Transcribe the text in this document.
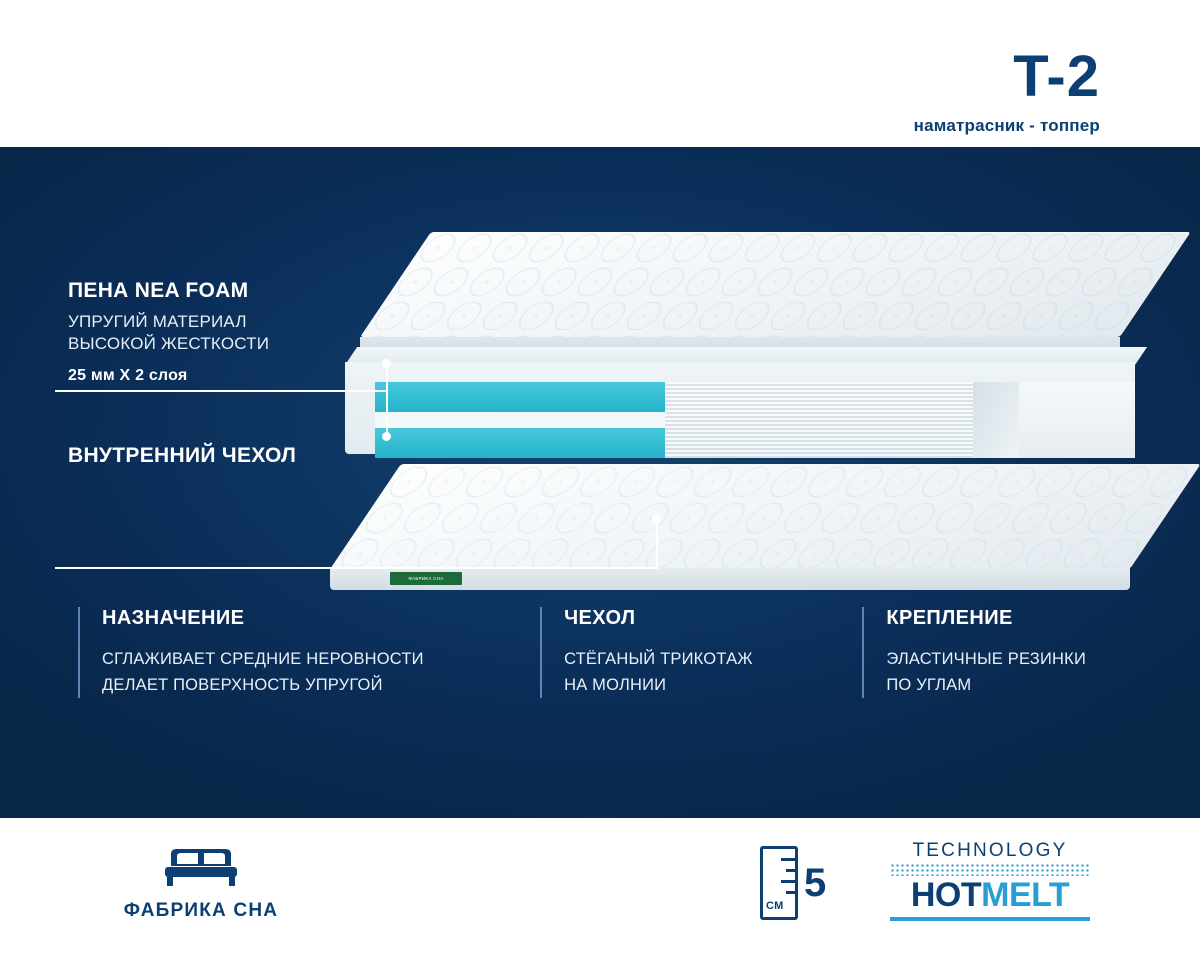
T-2
наматрасник - топпер
ФАБРИКА СНА
ПЕНА NEA FOAM
УПРУГИЙ МАТЕРИАЛ
ВЫСОКОЙ ЖЕСТКОСТИ
25 мм X 2 слоя
ВНУТРЕННИЙ ЧЕХОЛ
НАЗНАЧЕНИЕ

СГЛАЖИВАЕТ СРЕДНИЕ НЕРОВНОСТИ

ДЕЛАЕТ ПОВЕРХНОСТЬ УПРУГОЙ

ЧЕХОЛ

СТЁГАНЫЙ ТРИКОТАЖ

НА МОЛНИИ

КРЕПЛЕНИЕ

ЭЛАСТИЧНЫЕ РЕЗИНКИ

ПО УГЛАМ

ФАБРИКА СНА	СМ
5
TECHNOLOGY
HOTMELT
